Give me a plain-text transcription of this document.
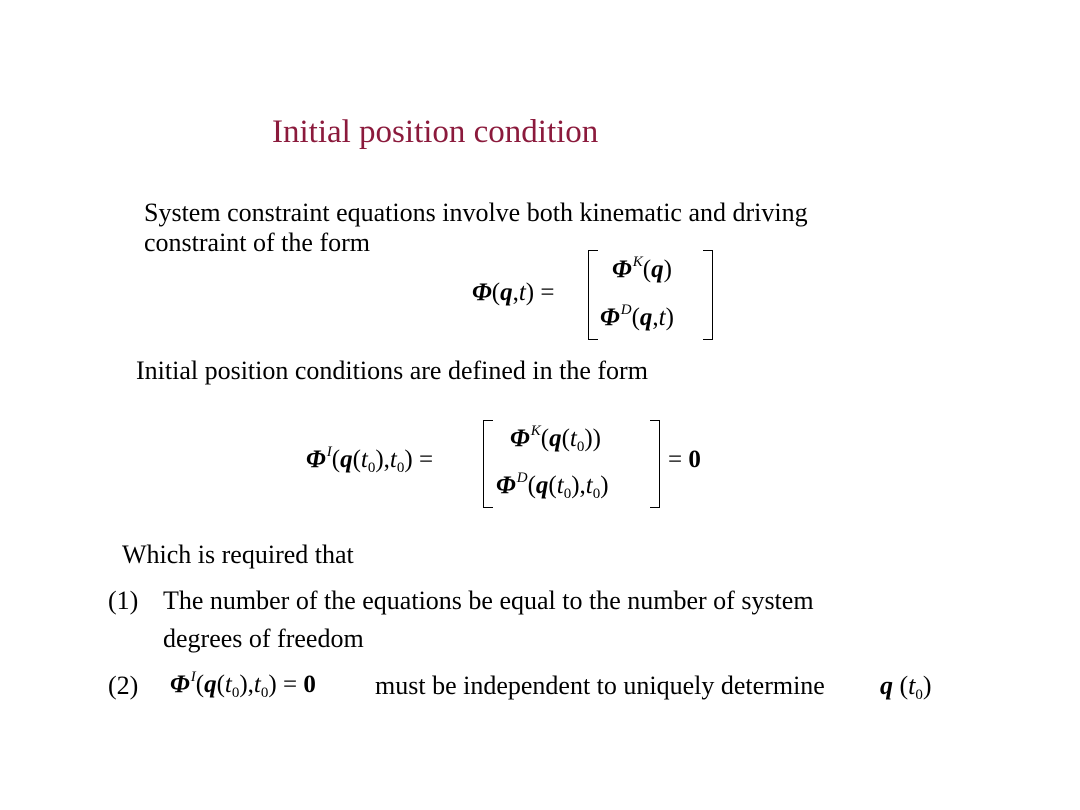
Initial position condition
System constraint equations involve both kinematic and driving
constraint of the form
Φ(q,t) =
$\Phi^K(q)$
$\Phi^D(q,t)$
Initial position conditions are defined in the form
$\Phi^I(q(t_0),t_0)$ =
$\Phi^K(q(t_0))$
$\Phi^D(q(t_0),t_0)$
= 0
Which is required that
(1) The number of the equations be equal to the number of system
degrees of freedom
(2) $\Phi^I(q(t_0),t_0) = 0$ must be independent to uniquely determine q (t0)
